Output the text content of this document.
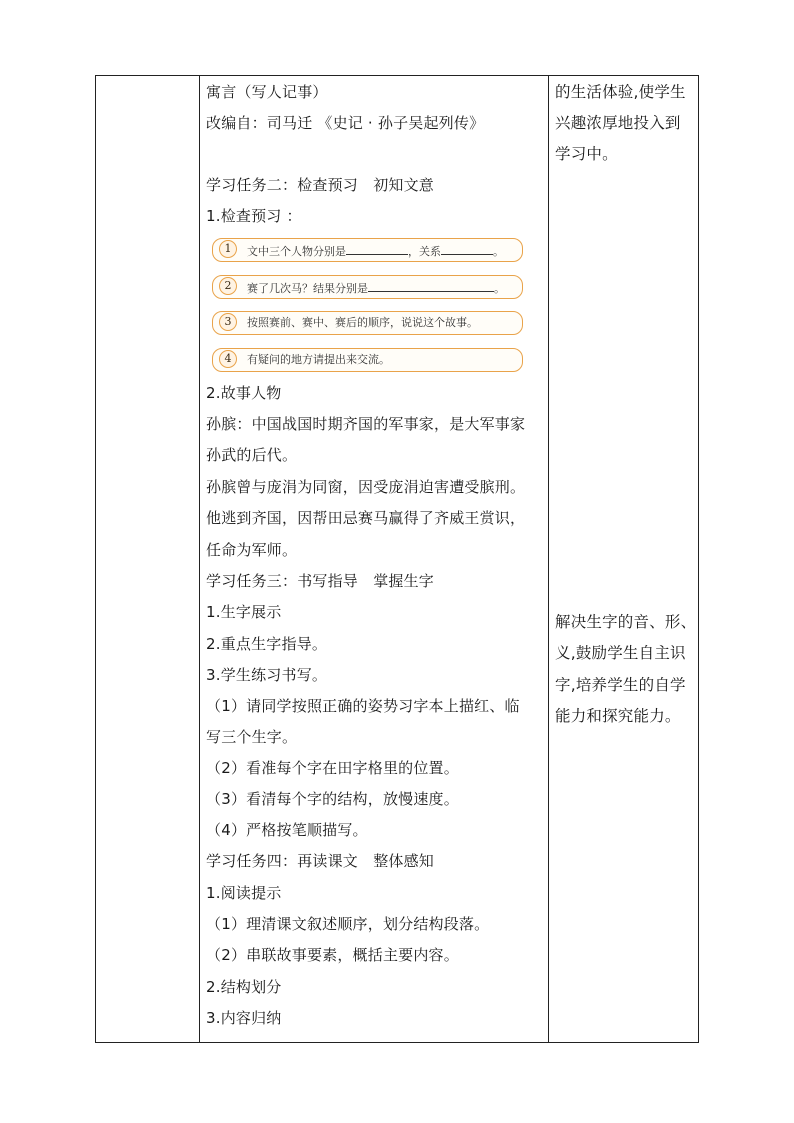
寓言（写人记事）
改编自：司马迁 《史记 · 孙子吴起列传》
学习任务二：检查预习　初知文意
1.检查预习 ：
1	文中三个人物分别是	，关系	。
2	赛了几次马？结果分别是	。
3	按照赛前、赛中、赛后的顺序，说说这个故事。
4	有疑问的地方请提出来交流。
2.故事人物
孙膑：中国战国时期齐国的军事家，是大军事家
孙武的后代。
孙膑曾与庞涓为同窗，因受庞涓迫害遭受膑刑。
他逃到齐国，因帮田忌赛马赢得了齐威王赏识，
任命为军师。
学习任务三：书写指导　掌握生字
1.生字展示
2.重点生字指导。
3.学生练习书写。
（1）请同学按照正确的姿势习字本上描红、临
写三个生字。
（2）看准每个字在田字格里的位置。
（3）看清每个字的结构，放慢速度。
（4）严格按笔顺描写。
学习任务四：再读课文　整体感知
1.阅读提示
（1）理清课文叙述顺序，划分结构段落。
（2）串联故事要素，概括主要内容。
2.结构划分
3.内容归纳
的生活体验,使学生
兴趣浓厚地投入到
学习中。
解决生字的音、形、
义,鼓励学生自主识
字,培养学生的自学
能力和探究能力。
